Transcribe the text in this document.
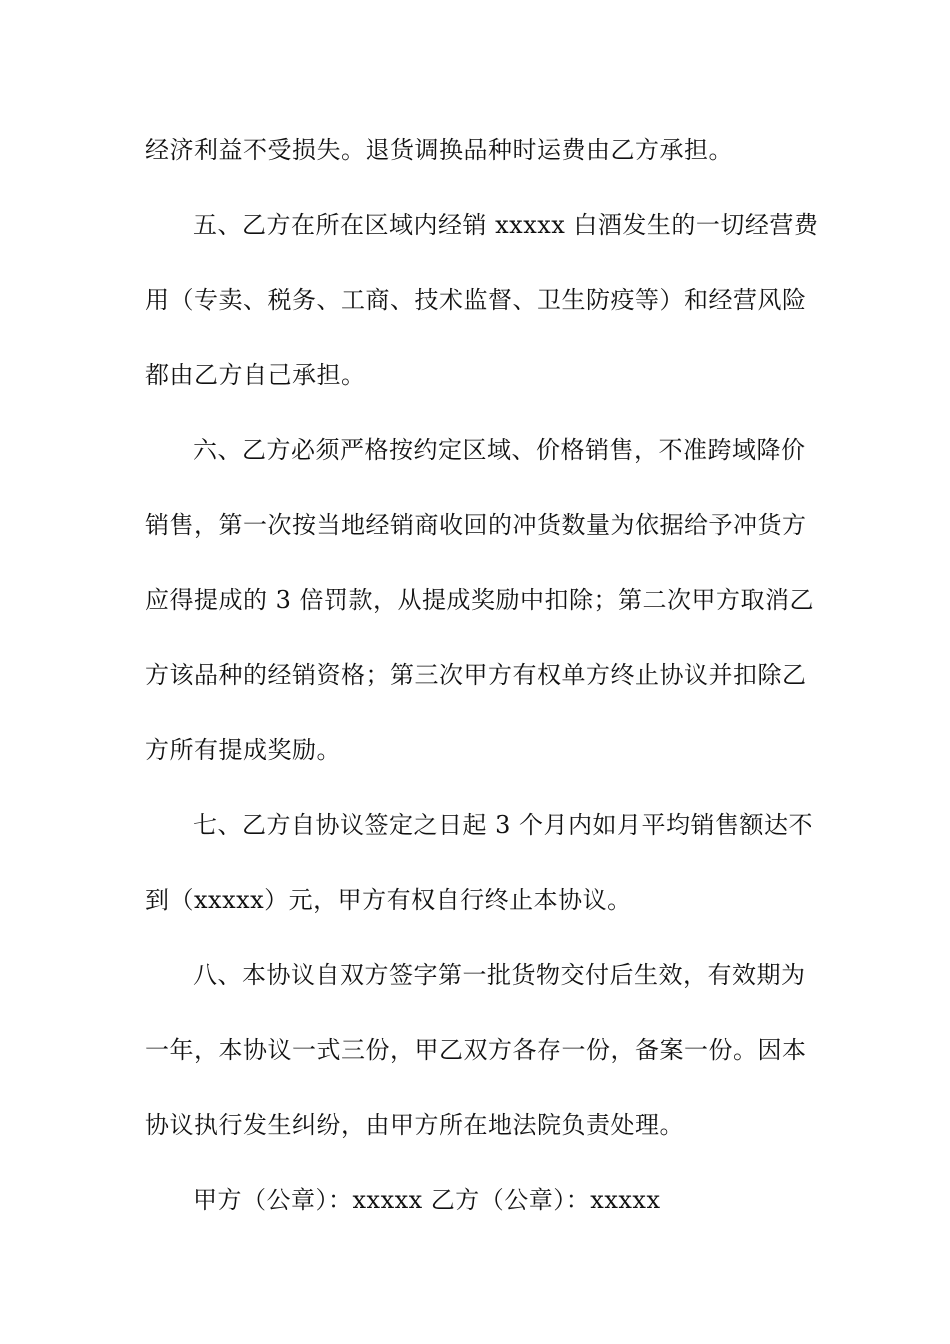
经济利益不受损失。退货调换品种时运费由乙方承担。
五、乙方在所在区域内经销 xxxxx 白酒发生的一切经营费
用（专卖、税务、工商、技术监督、卫生防疫等）和经营风险
都由乙方自己承担。
六、乙方必须严格按约定区域、价格销售，不准跨域降价
销售，第一次按当地经销商收回的冲货数量为依据给予冲货方
应得提成的 3 倍罚款，从提成奖励中扣除；第二次甲方取消乙
方该品种的经销资格；第三次甲方有权单方终止协议并扣除乙
方所有提成奖励。
七、乙方自协议签定之日起 3 个月内如月平均销售额达不
到（xxxxx）元，甲方有权自行终止本协议。
八、本协议自双方签字第一批货物交付后生效，有效期为
一年，本协议一式三份，甲乙双方各存一份，备案一份。因本
协议执行发生纠纷，由甲方所在地法院负责处理。
甲方（公章）：xxxxx 乙方（公章）：xxxxx
